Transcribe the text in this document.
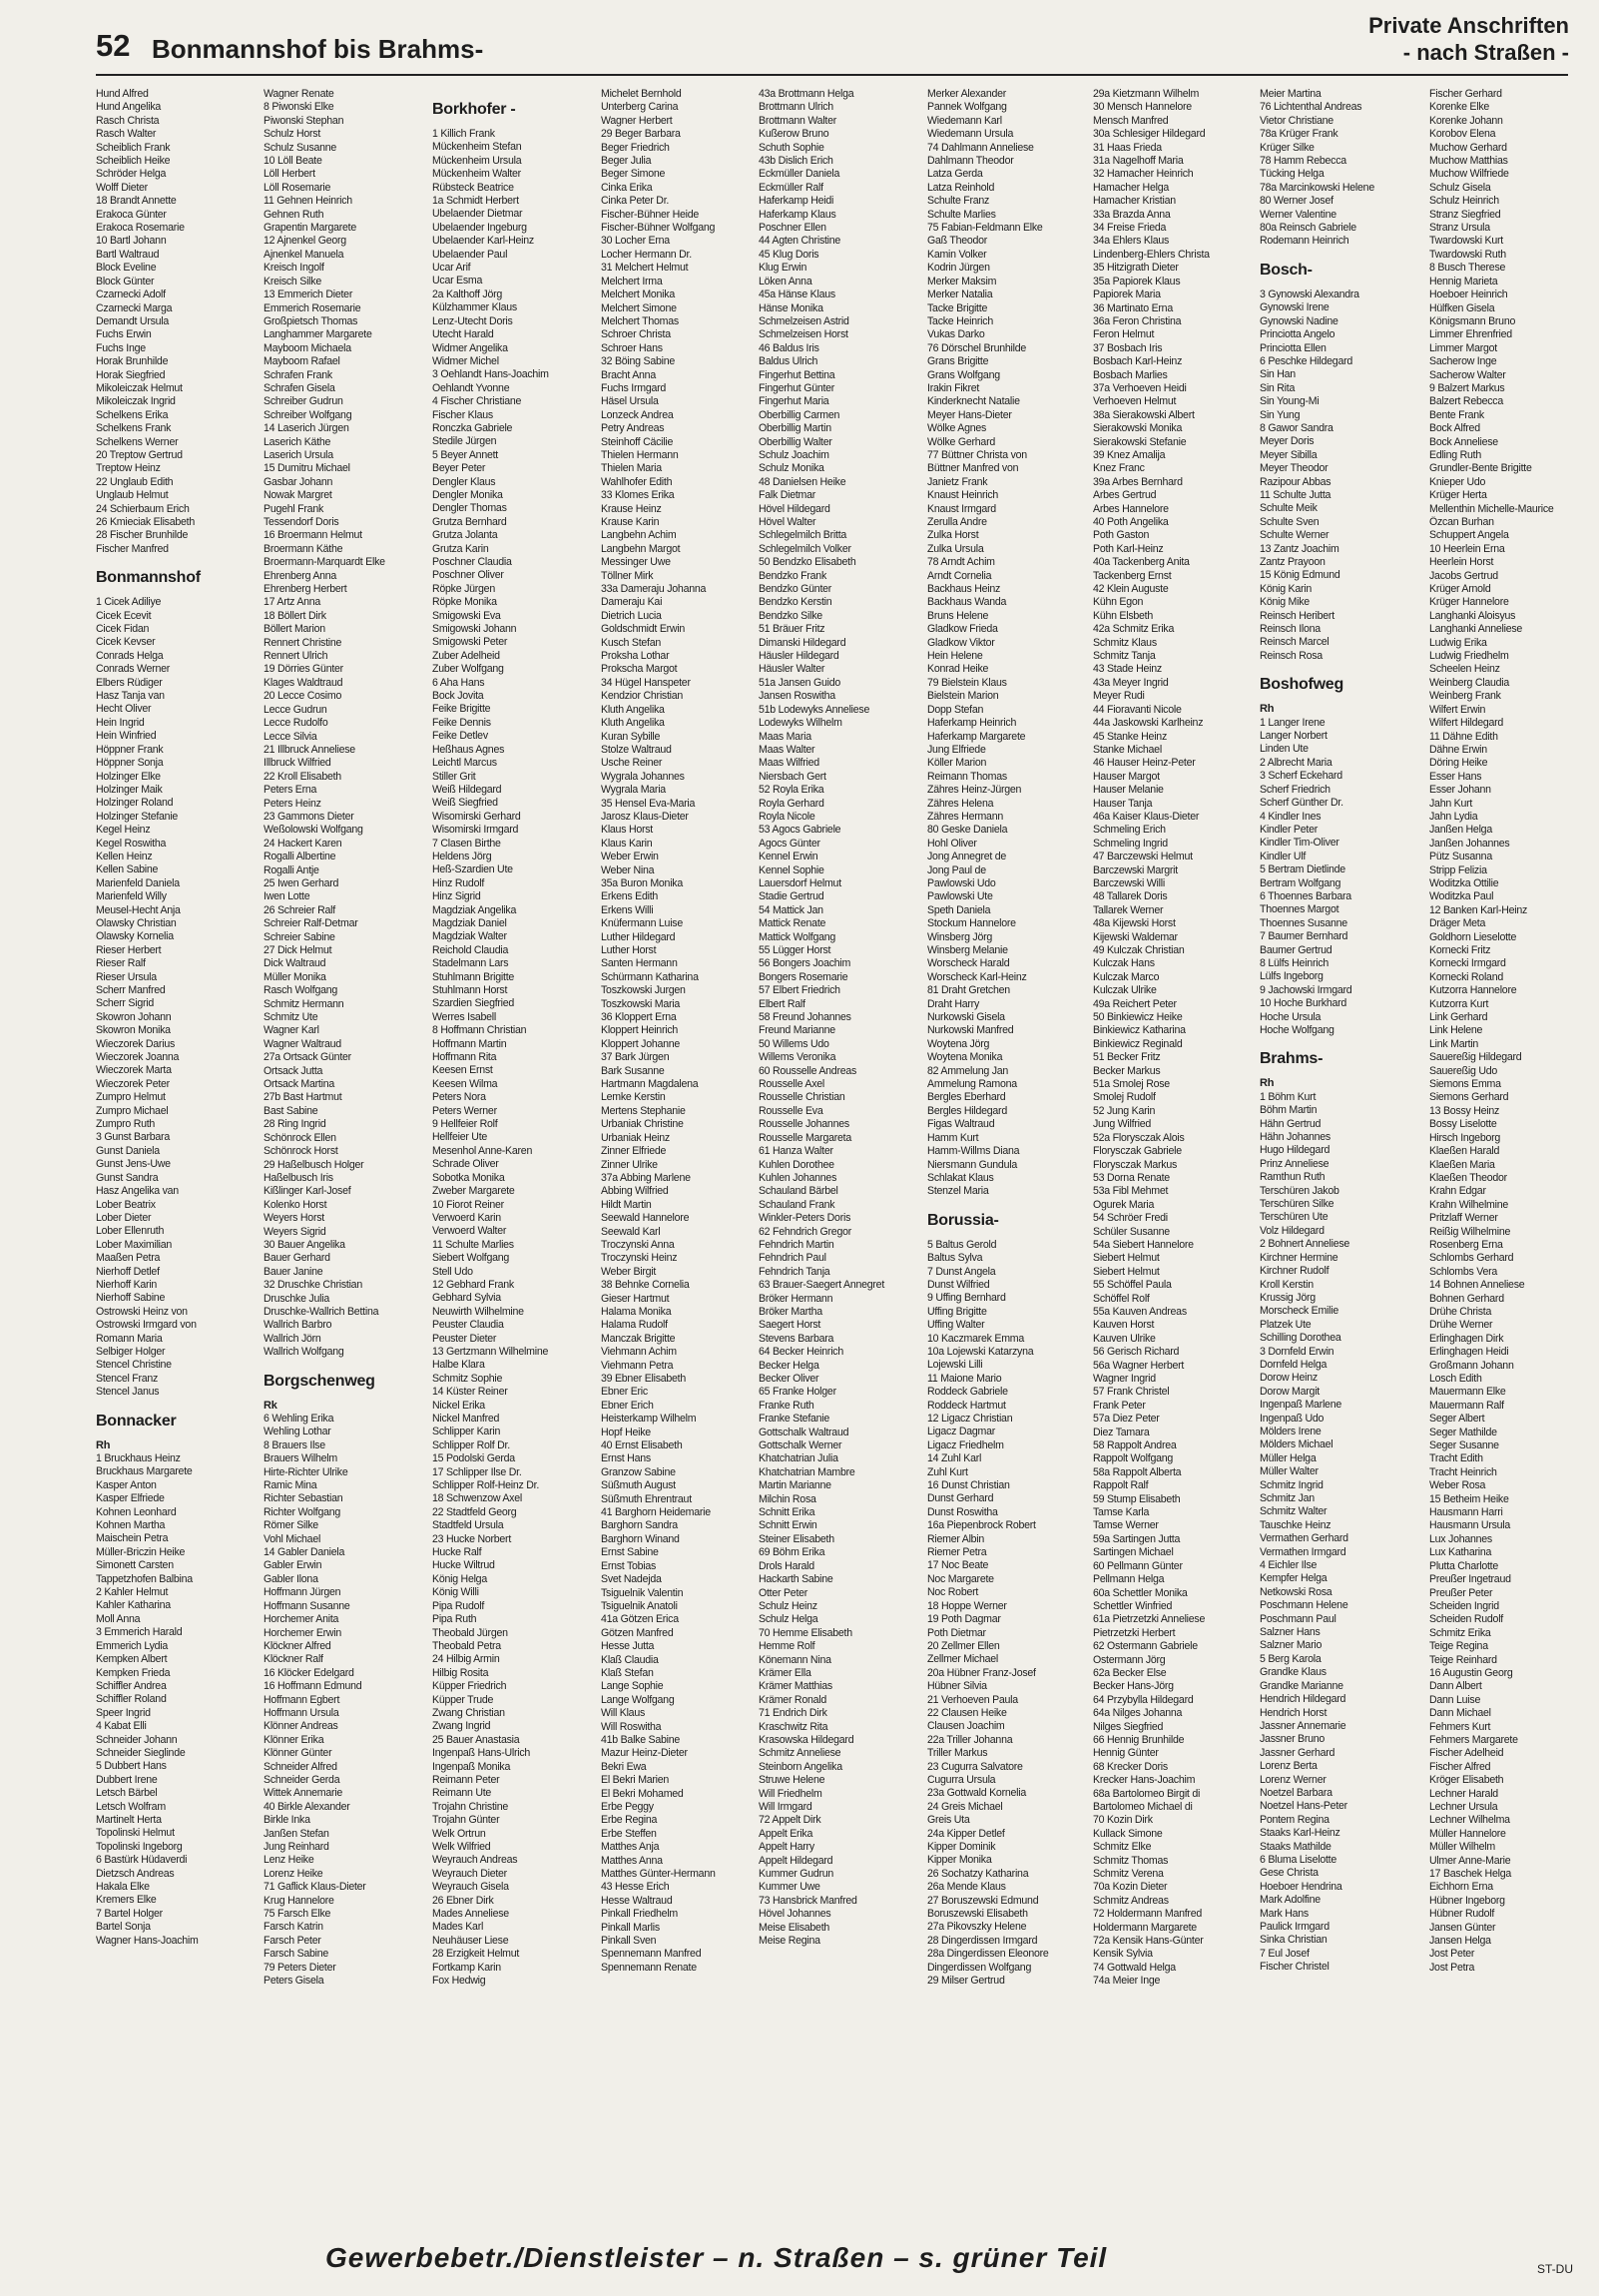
52 Bonmannshof bis Brahms-
Private Anschriften
- nach Straßen -
Hund Alfred
Hund Angelika
Rasch Christa
Rasch Walter
Scheiblich Frank
Scheiblich Heike
Schröder Helga
Wolff Dieter
18 Brandt Annette
Erakoca Günter
Erakoca Rosemarie
10 Bartl Johann
Bartl Waltraud
Block Eveline
Block Günter
Czarnecki Adolf
Czarnecki Marga
Demandt Ursula
Fuchs Erwin
Fuchs Inge
Horak Brunhilde
Horak Siegfried
Mikoleiczak Helmut
Mikoleiczak Ingrid
Schelkens Erika
Schelkens Frank
Schelkens Werner
20 Treptow Gertrud
Treptow Heinz
22 Unglaub Edith
Unglaub Helmut
24 Schierbaum Erich
26 Kmieciak Elisabeth
28 Fischer Brunhilde
Fischer Manfred
Bonmannshof
1 Cicek Adiliye
Cicek Ecevit
Cicek Fidan
Cicek Kevser
Conrads Helga
Conrads Werner
Elbers Rüdiger
Hasz Tanja van
Hecht Oliver
Hein Ingrid
Hein Winfried
Höppner Frank
Höppner Sonja
Holzinger Elke
Holzinger Maik
Holzinger Roland
Holzinger Stefanie
Kegel Heinz
Kegel Roswitha
Kellen Heinz
Kellen Sabine
Marienfeld Daniela
Marienfeld Willy
Meusel-Hecht Anja
Olawsky Christian
Olawsky Kornelia
Rieser Herbert
Rieser Ralf
Rieser Ursula
Scherr Manfred
Scherr Sigrid
Skowron Johann
Skowron Monika
Wieczorek Darius
Wieczorek Joanna
Wieczorek Marta
Wieczorek Peter
Zumpro Helmut
Zumpro Michael
Zumpro Ruth
3 Gunst Barbara
Gunst Daniela
Gunst Jens-Uwe
Gunst Sandra
Hasz Angelika van
Lober Beatrix
Lober Dieter
Lober Ellenruth
Lober Maximilian
Maaßen Petra
Nierhoff Detlef
Nierhoff Karin
Nierhoff Sabine
Ostrowski Heinz von
Ostrowski Irmgard von
Romann Maria
Selbiger Holger
Stencel Christine
Stencel Franz
Stencel Janus
Bonnacker
Rh
1 Bruckhaus Heinz
Bruckhaus Margarete
Kasper Anton
Kasper Elfriede
Kohnen Leonhard
Kohnen Martha
Maischein Petra
Müller-Briczin Heike
Simonett Carsten
Tappetzhofen Balbina
2 Kahler Helmut
Kahler Katharina
Moll Anna
3 Emmerich Harald
Emmerich Lydia
Kempken Albert
Kempken Frieda
Schiffler Andrea
Schiffler Roland
Speer Ingrid
4 Kabat Elli
Schneider Johann
Schneider Sieglinde
5 Dubbert Hans
Dubbert Irene
Letsch Bärbel
Letsch Wolfram
Martinelt Herta
Topolinski Helmut
Topolinski Ingeborg
6 Bastürk Hüdaverdi
Dietzsch Andreas
Hakala Elke
Kremers Elke
7 Bartel Holger
Bartel Sonja
Wagner Hans-Joachim
Wagner Renate
8 Piwonski Elke
Piwonski Stephan
Schulz Horst
Schulz Susanne
10 Löll Beate
Löll Herbert
Löll Rosemarie
11 Gehnen Heinrich
Gehnen Ruth
Grapentin Margarete
12 Ajnenkel Georg
Ajnenkel Manuela
Kreisch Ingolf
Kreisch Silke
13 Emmerich Dieter
Emmerich Rosemarie
Großpietsch Thomas
Langhammer Margarete
Mayboom Michaela
Mayboom Rafael
Schrafen Frank
Schrafen Gisela
Schreiber Gudrun
Schreiber Wolfgang
14 Laserich Jürgen
Laserich Käthe
Laserich Ursula
15 Dumitru Michael
Gasbar Johann
Nowak Margret
Pugehl Frank
Tessendorf Doris
16 Broermann Helmut
Broermann Käthe
Broermann-Marquardt Elke
Ehrenberg Anna
Ehrenberg Herbert
17 Artz Anna
18 Böllert Dirk
Böllert Marion
Rennert Christine
Rennert Ulrich
19 Dörries Günter
Klages Waldtraud
20 Lecce Cosimo
Lecce Gudrun
Lecce Rudolfo
Lecce Silvia
21 Illbruck Anneliese
Illbruck Wilfried
22 Kroll Elisabeth
Peters Erna
Peters Heinz
23 Gammons Dieter
Weßolowski Wolfgang
24 Hackert Karen
Rogalli Albertine
Rogalli Antje
25 Iwen Gerhard
Iwen Lotte
26 Schreier Ralf
Schreier Ralf-Detmar
Schreier Sabine
27 Dick Helmut
Dick Waltraud
Müller Monika
Rasch Wolfgang
Schmitz Hermann
Schmitz Ute
Wagner Karl
Wagner Waltraud
27a Ortsack Günter
Ortsack Jutta
Ortsack Martina
27b Bast Hartmut
Bast Sabine
28 Ring Ingrid
Schönrock Ellen
Schönrock Horst
29 Haßelbusch Holger
Haßelbusch Iris
Kißlinger Karl-Josef
Kolenko Horst
Weyers Horst
Weyers Sigrid
30 Bauer Angelika
Bauer Gerhard
Bauer Janine
32 Druschke Christian
Druschke Julia
Druschke-Wallrich Bettina
Wallrich Barbro
Wallrich Jörn
Wallrich Wolfgang
Borgschenweg
Rk
6 Wehling Erika
Wehling Lothar
8 Brauers Ilse
Brauers Wilhelm
Hirte-Richter Ulrike
Ramic Mina
Richter Sebastian
Richter Wolfgang
Römer Silke
Vohl Michael
14 Gabler Daniela
Gabler Erwin
Gabler Ilona
Hoffmann Jürgen
Hoffmann Susanne
Horchemer Anita
Horchemer Erwin
Klöckner Alfred
Klöckner Ralf
16 Klöcker Edelgard
16 Hoffmann Edmund
Hoffmann Egbert
Hoffmann Ursula
Klönner Andreas
Klönner Erika
Klönner Günter
Schneider Alfred
Schneider Gerda
Wittek Annemarie
40 Birkle Alexander
Birkle Inka
Janßen Stefan
Jung Reinhard
Lenz Heike
Lorenz Heike
71 Gaflick Klaus-Dieter
Krug Hannelore
75 Farsch Elke
Farsch Katrin
Farsch Peter
Farsch Sabine
79 Peters Dieter
Peters Gisela
Borkhofer -
1 Killich Frank
Mückenheim Stefan
Mückenheim Ursula
Mückenheim Walter
Rübsteck Beatrice
1a Schmidt Herbert
Ubelaender Dietmar
Ubelaender Ingeburg
Ubelaender Karl-Heinz
Ubelaender Paul
Ucar Arif
Ucar Esma
2a Kalthoff Jörg
Külzhammer Klaus
Lenz-Utecht Doris
Utecht Harald
Widmer Angelika
Widmer Michel
3 Oehlandt Hans-Joachim
Oehlandt Yvonne
4 Fischer Christiane
Fischer Klaus
Ronczka Gabriele
Stedile Jürgen
5 Beyer Annett
Beyer Peter
Dengler Klaus
Dengler Monika
Dengler Thomas
Grutza Bernhard
Grutza Jolanta
Grutza Karin
Poschner Claudia
Poschner Oliver
Röpke Jürgen
Röpke Monika
Smigowski Eva
Smigowski Johann
Smigowski Peter
Zuber Adelheid
Zuber Wolfgang
6 Aha Hans
Bock Jovita
Feike Brigitte
Feike Dennis
Feike Detlev
Heßhaus Agnes
Leichtl Marcus
Stiller Grit
Weiß Hildegard
Weiß Siegfried
Wisomirski Gerhard
Wisomirski Irmgard
7 Clasen Birthe
Heldens Jörg
Heß-Szardien Ute
Hinz Rudolf
Hinz Sigrid
Magdziak Angelika
Magdziak Daniel
Magdziak Walter
Reichold Claudia
Stadelmann Lars
Stuhlmann Brigitte
Stuhlmann Horst
Szardien Siegfried
Werres Isabell
8 Hoffmann Christian
Hoffmann Martin
Hoffmann Rita
Keesen Ernst
Keesen Wilma
Peters Nora
Peters Werner
9 Hellfeier Rolf
Hellfeier Ute
Mesenhol Anne-Karen
Schrade Oliver
Sobotka Monika
Zweber Margarete
10 Fiorot Reiner
Verwoerd Karin
Verwoerd Walter
11 Schulte Marlies
Siebert Wolfgang
Stell Udo
12 Gebhard Frank
Gebhard Sylvia
Neuwirth Wilhelmine
Peuster Claudia
Peuster Dieter
13 Gertzmann Wilhelmine
Halbe Klara
Schmitz Sophie
14 Küster Reiner
Nickel Erika
Nickel Manfred
Schlipper Karin
Schlipper Rolf Dr.
15 Podolski Gerda
17 Schlipper Ilse Dr.
Schlipper Rolf-Heinz Dr.
18 Schwenzow Axel
22 Stadtfeld Georg
Stadtfeld Ursula
23 Hucke Norbert
Hucke Ralf
Hucke Wiltrud
König Helga
König Willi
Pipa Rudolf
Pipa Ruth
Theobald Jürgen
Theobald Petra
24 Hilbig Armin
Hilbig Rosita
Küpper Friedrich
Küpper Trude
Zwang Christian
Zwang Ingrid
25 Bauer Anastasia
Ingenpaß Hans-Ulrich
Ingenpaß Monika
Reimann Peter
Reimann Ute
Trojahn Christine
Trojahn Günter
Welk Ortrun
Welk Wilfried
Weyrauch Andreas
Weyrauch Dieter
Weyrauch Gisela
26 Ebner Dirk
Mades Anneliese
Mades Karl
Neuhäuser Liese
28 Erzigkeit Helmut
Fortkamp Karin
Fox Hedwig
Michelet Bernhold
Unterberg Carina
Wagner Herbert
29 Beger Barbara
Beger Friedrich
Beger Julia
Beger Simone
Cinka Erika
Cinka Peter Dr.
Fischer-Bühner Heide
Fischer-Bühner Wolfgang
30 Locher Erna
Locher Hermann Dr.
31 Melchert Helmut
Melchert Irma
Melchert Monika
Melchert Simone
Melchert Thomas
Schroer Christa
Schroer Hans
32 Böing Sabine
Bracht Anna
Fuchs Irmgard
Häsel Ursula
Lonzeck Andrea
Petry Andreas
Steinhoff Cäcilie
Thielen Hermann
Thielen Maria
Wahlhofer Edith
33 Klomes Erika
Krause Heinz
Krause Karin
Langbehn Achim
Langbehn Margot
Messinger Uwe
Töllner Mirk
33a Dameraju Johanna
Dameraju Kai
Dietrich Lucia
Goldschmidt Erwin
Kusch Stefan
Proksha Lothar
Prokscha Margot
34 Hügel Hanspeter
Kendzior Christian
Kluth Angelika
Kluth Angelika
Kuran Sybille
Stolze Waltraud
Usche Reiner
Wygrala Johannes
Wygrala Maria
35 Hensel Eva-Maria
Jarosz Klaus-Dieter
Klaus Horst
Klaus Karin
Weber Erwin
Weber Nina
35a Buron Monika
Erkens Edith
Erkens Willi
Knüfermann Luise
Luther Hildegard
Luther Horst
Santen Hermann
Schürmann Katharina
Toszkowski Jurgen
Toszkowski Maria
36 Kloppert Erna
Kloppert Heinrich
Kloppert Johanne
37 Bark Jürgen
Bark Susanne
Hartmann Magdalena
Lemke Kerstin
Mertens Stephanie
Urbaniak Christine
Urbaniak Heinz
Zinner Elfriede
Zinner Ulrike
37a Abbing Marlene
Abbing Wilfried
Hildt Martin
Seewald Hannelore
Seewald Karl
Troczynski Anna
Troczynski Heinz
Weber Birgit
38 Behnke Cornelia
Gieser Hartmut
Halama Monika
Halama Rudolf
Manczak Brigitte
Viehmann Achim
Viehmann Petra
39 Ebner Elisabeth
Ebner Eric
Ebner Erich
Heisterkamp Wilhelm
Hopf Heike
40 Ernst Elisabeth
Ernst Hans
Granzow Sabine
Süßmuth August
Süßmuth Ehrentraut
41 Barghorn Heidemarie
Barghorn Sandra
Barghorn Winand
Ernst Sabine
Ernst Tobias
Svet Nadejda
Tsiguelnik Valentin
Tsiguelnik Anatoli
41a Götzen Erica
Götzen Manfred
Hesse Jutta
Klaß Claudia
Klaß Stefan
Lange Sophie
Lange Wolfgang
Will Klaus
Will Roswitha
41b Balke Sabine
Mazur Heinz-Dieter
Bekri Ewa
El Bekri Marien
El Bekri Mohamed
Erbe Peggy
Erbe Regina
Erbe Steffen
Matthes Anja
Matthes Anna
Matthes Günter-Hermann
43 Hesse Erich
Hesse Waltraud
Pinkall Friedhelm
Pinkall Marlis
Pinkall Sven
Spennemann Manfred
Spennemann Renate
43a Brottmann Helga
Brottmann Ulrich
Brottmann Walter
Kußerow Bruno
Schuth Sophie
43b Dislich Erich
Eckmüller Daniela
Eckmüller Ralf
Haferkamp Heidi
Haferkamp Klaus
Poschner Ellen
44 Agten Christine
45 Klug Doris
Klug Erwin
Löken Anna
45a Hänse Klaus
Hänse Monika
Schmelzeisen Astrid
Schmelzeisen Horst
46 Baldus Iris
Baldus Ulrich
Fingerhut Bettina
Fingerhut Günter
Fingerhut Maria
Oberbillig Carmen
Oberbillig Martin
Oberbillig Walter
Schulz Joachim
Schulz Monika
48 Danielsen Heike
Falk Dietmar
Hövel Hildegard
Hövel Walter
Schlegelmilch Britta
Schlegelmilch Volker
50 Bendzko Elisabeth
Bendzko Frank
Bendzko Günter
Bendzko Kerstin
Bendzko Silke
51 Bräuer Fritz
Dimanski Hildegard
Häusler Hildegard
Häusler Walter
51a Jansen Guido
Jansen Roswitha
51b Lodewyks Anneliese
Lodewyks Wilhelm
Maas Maria
Maas Walter
Maas Wilfried
Niersbach Gert
52 Royla Erika
Royla Gerhard
Royla Nicole
53 Agocs Gabriele
Agocs Günter
Kennel Erwin
Kennel Sophie
Lauersdorf Helmut
Stadie Gertrud
54 Mattick Jan
Mattick Renate
Mattick Wolfgang
55 Lügger Horst
56 Bongers Joachim
Bongers Rosemarie
57 Elbert Friedrich
Elbert Ralf
58 Freund Johannes
Freund Marianne
50 Willems Udo
Willems Veronika
60 Rousselle Andreas
Rousselle Axel
Rousselle Christian
Rousselle Eva
Rousselle Johannes
Rousselle Margareta
61 Hanza Walter
Kuhlen Dorothee
Kuhlen Johannes
Schauland Bärbel
Schauland Frank
Winkler-Peters Doris
62 Fehndrich Gregor
Fehndrich Martin
Fehndrich Paul
Fehndrich Tanja
63 Brauer-Saegert Annegret
Bröker Hermann
Bröker Martha
Saegert Horst
Stevens Barbara
64 Becker Heinrich
Becker Helga
Becker Oliver
65 Franke Holger
Franke Ruth
Franke Stefanie
Gottschalk Waltraud
Gottschalk Werner
Khatchatrian Julia
Khatchatrian Mambre
Martin Marianne
Milchin Rosa
Schnitt Erika
Schnitt Erwin
Steiner Elisabeth
69 Böhm Erika
Drols Harald
Hackarth Sabine
Otter Peter
Schulz Heinz
Schulz Helga
70 Hemme Elisabeth
Hemme Rolf
Könemann Nina
Krämer Ella
Krämer Matthias
Krämer Ronald
71 Endrich Dirk
Kraschwitz Rita
Krasowska Hildegard
Schmitz Anneliese
Steinborn Angelika
Struwe Helene
Will Friedhelm
Will Irmgard
72 Appelt Dirk
Appelt Erika
Appelt Harry
Appelt Hildegard
Kummer Gudrun
Kummer Uwe
73 Hansbrick Manfred
Hövel Johannes
Meise Elisabeth
Meise Regina
Merker Alexander
Pannek Wolfgang
Wiedemann Karl
Wiedemann Ursula
74 Dahlmann Anneliese
Dahlmann Theodor
Latza Gerda
Latza Reinhold
Schulte Franz
Schulte Marlies
75 Fabian-Feldmann Elke
Gaß Theodor
Kamin Volker
Kodrin Jürgen
Merker Maksim
Merker Natalia
Tacke Brigitte
Tacke Heinrich
Vukas Darko
76 Dörschel Brunhilde
Grans Brigitte
Grans Wolfgang
Irakin Fikret
Kinderknecht Natalie
Meyer Hans-Dieter
Wölke Agnes
Wölke Gerhard
77 Büttner Christa von
Büttner Manfred von
Janietz Frank
Knaust Heinrich
Knaust Irmgard
Zerulla Andre
Zulka Horst
Zulka Ursula
78 Arndt Achim
Arndt Cornelia
Backhaus Heinz
Backhaus Wanda
Bruns Helene
Gladkow Frieda
Gladkow Viktor
Hein Helene
Konrad Heike
79 Bielstein Klaus
Bielstein Marion
Dopp Stefan
Haferkamp Heinrich
Haferkamp Margarete
Jung Elfriede
Köller Marion
Reimann Thomas
Zähres Heinz-Jürgen
Zähres Helena
Zähres Hermann
80 Geske Daniela
Hohl Oliver
Jong Annegret de
Jong Paul de
Pawlowski Udo
Pawlowski Ute
Speth Daniela
Stockum Hannelore
Winsberg Jörg
Winsberg Melanie
Worscheck Harald
Worscheck Karl-Heinz
81 Draht Gretchen
Draht Harry
Nurkowski Gisela
Nurkowski Manfred
Woytena Jörg
Woytena Monika
82 Ammelung Jan
Ammelung Ramona
Bergles Eberhard
Bergles Hildegard
Figas Waltraud
Hamm Kurt
Hamm-Willms Diana
Niersmann Gundula
Schlakat Klaus
Stenzel Maria
Borussia-
5 Baltus Gerold
Baltus Sylva
7 Dunst Angela
Dunst Wilfried
9 Uffing Bernhard
Uffing Brigitte
Uffing Walter
10 Kaczmarek Emma
10a Lojewski Katarzyna
Lojewski Lilli
11 Maione Mario
Roddeck Gabriele
Roddeck Hartmut
12 Ligacz Christian
Ligacz Dagmar
Ligacz Friedhelm
14 Zuhl Karl
Zuhl Kurt
16 Dunst Christian
Dunst Gerhard
Dunst Roswitha
16a Piepenbrock Robert
Riemer Albin
Riemer Petra
17 Noc Beate
Noc Margarete
Noc Robert
18 Hoppe Werner
19 Poth Dagmar
Poth Dietmar
20 Zellmer Ellen
Zellmer Michael
20a Hübner Franz-Josef
Hübner Silvia
21 Verhoeven Paula
22 Clausen Heike
Clausen Joachim
22a Triller Johanna
Triller Markus
23 Cugurra Salvatore
Cugurra Ursula
23a Gottwald Kornelia
24 Greis Michael
Greis Uta
24a Kipper Detlef
Kipper Dominik
Kipper Monika
26 Sochatzy Katharina
26a Mende Klaus
27 Boruszewski Edmund
Boruszewski Elisabeth
27a Pikovszky Helene
28 Dingerdissen Irmgard
28a Dingerdissen Eleonore
Dingerdissen Wolfgang
29 Milser Gertrud
29a Kietzmann Wilhelm
30 Mensch Hannelore
Mensch Manfred
30a Schlesiger Hildegard
31 Haas Frieda
31a Nagelhoff Maria
32 Hamacher Heinrich
Hamacher Helga
Hamacher Kristian
33a Brazda Anna
34 Freise Frieda
34a Ehlers Klaus
Lindenberg-Ehlers Christa
35 Hitzigrath Dieter
35a Papiorek Klaus
Papiorek Maria
36 Martinato Erna
36a Feron Christina
Feron Helmut
37 Bosbach Iris
Bosbach Karl-Heinz
Bosbach Marlies
37a Verhoeven Heidi
Verhoeven Helmut
38a Sierakowski Albert
Sierakowski Monika
Sierakowski Stefanie
39 Knez Amalija
Knez Franc
39a Arbes Bernhard
Arbes Gertrud
Arbes Hannelore
40 Poth Angelika
Poth Gaston
Poth Karl-Heinz
40a Tackenberg Anita
Tackenberg Ernst
42 Klein Auguste
Kühn Egon
Kühn Elsbeth
42a Schmitz Erika
Schmitz Klaus
Schmitz Tanja
43 Stade Heinz
43a Meyer Ingrid
Meyer Rudi
44 Fioravanti Nicole
44a Jaskowski Karlheinz
45 Stanke Heinz
Stanke Michael
46 Hauser Heinz-Peter
Hauser Margot
Hauser Melanie
Hauser Tanja
46a Kaiser Klaus-Dieter
Schmeling Erich
Schmeling Ingrid
47 Barczewski Helmut
Barczewski Margrit
Barczewski Willi
48 Tallarek Doris
Tallarek Werner
48a Kijewski Horst
Kijewski Waldemar
49 Kulczak Christian
Kulczak Hans
Kulczak Marco
Kulczak Ulrike
49a Reichert Peter
50 Binkiewicz Heike
Binkiewicz Katharina
Binkiewicz Reginald
51 Becker Fritz
Becker Markus
51a Smolej Rose
Smolej Rudolf
52 Jung Karin
Jung Wilfried
52a Florysczak Alois
Florysczak Gabriele
Florysczak Markus
53 Dorna Renate
53a Fibl Mehmet
Ogurek Maria
54 Schröer Fredi
Schüler Susanne
54a Siebert Hannelore
Siebert Helmut
Siebert Helmut
55 Schöffel Paula
Schöffel Rolf
55a Kauven Andreas
Kauven Horst
Kauven Ulrike
56 Gerisch Richard
56a Wagner Herbert
Wagner Ingrid
57 Frank Christel
Frank Peter
57a Diez Peter
Diez Tamara
58 Rappolt Andrea
Rappolt Wolfgang
58a Rappolt Alberta
Rappolt Ralf
59 Stump Elisabeth
Tamse Karla
Tamse Werner
59a Sartingen Jutta
Sartingen Michael
60 Pellmann Günter
Pellmann Helga
60a Schettler Monika
Schettler Winfried
61a Pietrzetzki Anneliese
Pietrzetzki Herbert
62 Ostermann Gabriele
Ostermann Jörg
62a Becker Else
Becker Hans-Jörg
64 Przybylla Hildegard
64a Nilges Johanna
Nilges Siegfried
66 Hennig Brunhilde
Hennig Günter
68 Krecker Doris
Krecker Hans-Joachim
68a Bartolomeo Birgit di
Bartolomeo Michael di
70 Kozin Dirk
Kullack Simone
Schmitz Elke
Schmitz Thomas
Schmitz Verena
70a Kozin Dieter
Schmitz Andreas
72 Holdermann Manfred
Holdermann Margarete
72a Kensik Hans-Günter
Kensik Sylvia
74 Gottwald Helga
74a Meier Inge
Meier Martina
76 Lichtenthal Andreas
Vietor Christiane
78a Krüger Frank
Krüger Silke
78 Hamm Rebecca
Tücking Helga
78a Marcinkowski Helene
80 Werner Josef
Werner Valentine
80a Reinsch Gabriele
Rodemann Heinrich
Bosch-
3 Gynowski Alexandra
Gynowski Irene
Gynowski Nadine
Princiotta Angelo
Princiotta Ellen
6 Peschke Hildegard
Sin Han
Sin Rita
Sin Young-Mi
Sin Yung
8 Gawor Sandra
Meyer Doris
Meyer Sibilla
Meyer Theodor
Razipour Abbas
11 Schulte Jutta
Schulte Meik
Schulte Sven
Schulte Werner
13 Zantz Joachim
Zantz Prayoon
15 König Edmund
König Karin
König Mike
Reinsch Heribert
Reinsch Ilona
Reinsch Marcel
Reinsch Rosa
Boshofweg
Rh
1 Langer Irene
Langer Norbert
Linden Ute
2 Albrecht Maria
3 Scherf Eckehard
Scherf Friedrich
Scherf Günther Dr.
4 Kindler Ines
Kindler Peter
Kindler Tim-Oliver
Kindler Ulf
5 Bertram Dietlinde
Bertram Wolfgang
6 Thoennes Barbara
Thoennes Margot
Thoennes Susanne
7 Baumer Bernhard
Baumer Gertrud
8 Lülfs Heinrich
Lülfs Ingeborg
9 Jachowski Irmgard
10 Hoche Burkhard
Hoche Ursula
Hoche Wolfgang
Brahms-
Rh
1 Böhm Kurt
Böhm Martin
Hähn Gertrud
Hähn Johannes
Hugo Hildegard
Prinz Anneliese
Ramthun Ruth
Terschüren Jakob
Terschüren Silke
Terschüren Ute
Volz Hildegard
2 Bohnert Anneliese
Kirchner Hermine
Kirchner Rudolf
Kroll Kerstin
Krussig Jörg
Morscheck Emilie
Platzek Ute
Schilling Dorothea
3 Dornfeld Erwin
Dornfeld Helga
Dorow Heinz
Dorow Margit
Ingenpaß Marlene
Ingenpaß Udo
Mölders Irene
Mölders Michael
Müller Helga
Müller Walter
Schmitz Ingrid
Schmitz Jan
Schmitz Walter
Tauschke Heinz
Vermathen Gerhard
Vermathen Irmgard
4 Eichler Ilse
Kempfer Helga
Netkowski Rosa
Poschmann Helene
Poschmann Paul
Salzner Hans
Salzner Mario
5 Berg Karola
Grandke Klaus
Grandke Marianne
Hendrich Hildegard
Hendrich Horst
Jassner Annemarie
Jassner Bruno
Jassner Gerhard
Lorenz Berta
Lorenz Werner
Noetzel Barbara
Noetzel Hans-Peter
Pontem Regina
Staaks Karl-Heinz
Staaks Mathilde
6 Bluma Liselotte
Gese Christa
Hoeboer Hendrina
Mark Adolfine
Mark Hans
Paulick Irmgard
Sinka Christian
7 Eul Josef
Fischer Christel
Fischer Gerhard
Korenke Elke
Korenke Johann
Korobov Elena
Muchow Gerhard
Muchow Matthias
Muchow Wilfriede
Schulz Gisela
Schulz Heinrich
Stranz Siegfried
Stranz Ursula
Twardowski Kurt
Twardowski Ruth
8 Busch Therese
Hennig Marieta
Hoeboer Heinrich
Hülfken Gisela
Königsmann Bruno
Limmer Ehrenfried
Limmer Margot
Sacherow Inge
Sacherow Walter
9 Balzert Markus
Balzert Rebecca
Bente Frank
Bock Alfred
Bock Anneliese
Edling Ruth
Grundler-Bente Brigitte
Knieper Udo
Krüger Herta
Mellenthin Michelle-Maurice
Özcan Burhan
Schuppert Angela
10 Heerlein Erna
Heerlein Horst
Jacobs Gertrud
Krüger Arnold
Krüger Hannelore
Langhanki Aloisyus
Langhanki Anneliese
Ludwig Erika
Ludwig Friedhelm
Scheelen Heinz
Weinberg Claudia
Weinberg Frank
Wilfert Erwin
Wilfert Hildegard
11 Dähne Edith
Dähne Erwin
Döring Heike
Esser Hans
Esser Johann
Jahn Kurt
Jahn Lydia
Janßen Helga
Janßen Johannes
Pütz Susanna
Stripp Felizia
Woditzka Ottilie
Woditzka Paul
12 Banken Karl-Heinz
Dräger Meta
Goldhorn Lieselotte
Kornecki Fritz
Kornecki Irmgard
Kornecki Roland
Kutzorra Hannelore
Kutzorra Kurt
Link Gerhard
Link Helene
Link Martin
Sauereßig Hildegard
Sauereßig Udo
Siemons Emma
Siemons Gerhard
13 Bossy Heinz
Bossy Liselotte
Hirsch Ingeborg
Klaeßen Harald
Klaeßen Maria
Klaeßen Theodor
Krahn Edgar
Krahn Wilhelmine
Pritzlaff Werner
Reißig Wilhelmine
Rosenberg Erna
Schlombs Gerhard
Schlombs Vera
14 Bohnen Anneliese
Bohnen Gerhard
Drühe Christa
Drühe Werner
Erlinghagen Dirk
Erlinghagen Heidi
Großmann Johann
Losch Edith
Mauermann Elke
Mauermann Ralf
Seger Albert
Seger Mathilde
Seger Susanne
Tracht Edith
Tracht Heinrich
Weber Rosa
15 Betheim Heike
Hausmann Harri
Hausmann Ursula
Lux Johannes
Lux Katharina
Plutta Charlotte
Preußer Ingetraud
Preußer Peter
Scheiden Ingrid
Scheiden Rudolf
Schmitz Erika
Teige Regina
Teige Reinhard
16 Augustin Georg
Dann Albert
Dann Luise
Dann Michael
Fehmers Kurt
Fehmers Margarete
Fischer Adelheid
Fischer Alfred
Kröger Elisabeth
Lechner Harald
Lechner Ursula
Lechner Wilhelma
Müller Hannelore
Müller Wilhelm
Ulmer Anne-Marie
17 Baschek Helga
Eichhorn Erna
Hübner Ingeborg
Hübner Rudolf
Jansen Günter
Jansen Helga
Jost Peter
Jost Petra
Gewerbebetr./Dienstleister – n. Straßen – s. grüner Teil	ST-DU
